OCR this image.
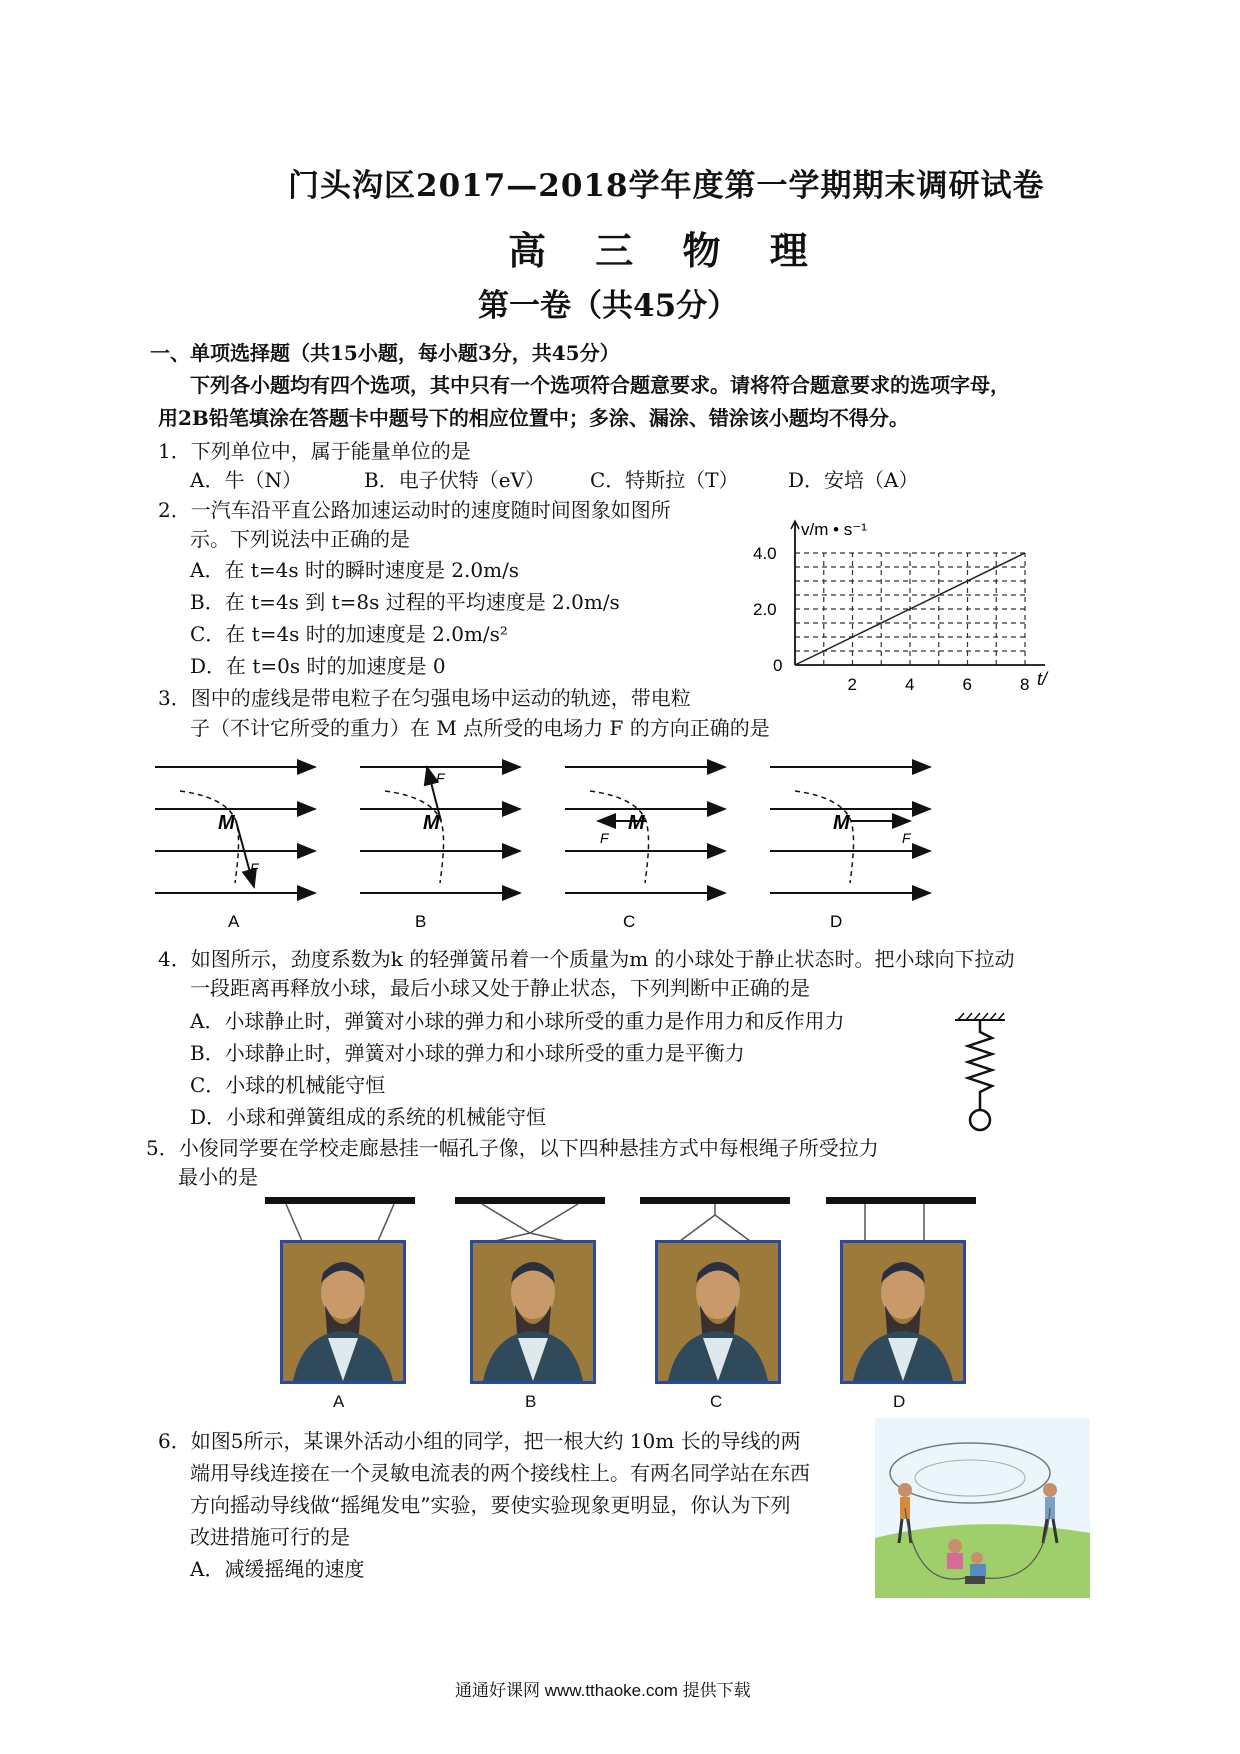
门头沟区2017—2018学年度第一学期期末调研试卷
高 三 物 理
第一卷（共45分）
一、单项选择题（共15小题，每小题3分，共45分）
下列各小题均有四个选项，其中只有一个选项符合题意要求。请将符合题意要求的选项字母，
用2B铅笔填涂在答题卡中题号下的相应位置中；多涂、漏涂、错涂该小题均不得分。
1．下列单位中，属于能量单位的是
A．牛（N）	B．电子伏特（eV） C．特斯拉（T） D．安培（A）
2．一汽车沿平直公路加速运动时的速度随时间图象如图所
示。下列说法中正确的是
A．在 t=4s 时的瞬时速度是 2.0m/s
B．在 t=4s 到 t=8s 过程的平均速度是 2.0m/s
C．在 t=4s 时的加速度是 2.0m/s²
D．在 t=0s 时的加速度是 0
2	4	6	8
0
2.0
4.0
v/m • s⁻¹
t/
3．图中的虚线是带电粒子在匀强电场中运动的轨迹，带电粒
子（不计它所受的重力）在 M 点所受的电场力 F 的方向正确的是
M
F
M
F
M
F
M
F
A	B	C	D
4．如图所示，劲度系数为k 的轻弹簧吊着一个质量为m 的小球处于静止状态时。把小球向下拉动
一段距离再释放小球，最后小球又处于静止状态，下列判断中正确的是
A．小球静止时，弹簧对小球的弹力和小球所受的重力是作用力和反作用力
B．小球静止时，弹簧对小球的弹力和小球所受的重力是平衡力
C．小球的机械能守恒
D．小球和弹簧组成的系统的机械能守恒
5．小俊同学要在学校走廊悬挂一幅孔子像，以下四种悬挂方式中每根绳子所受拉力
最小的是
A	B	C	D
6．如图5所示，某课外活动小组的同学，把一根大约 10m 长的导线的两
端用导线连接在一个灵敏电流表的两个接线柱上。有两名同学站在东西
方向摇动导线做“摇绳发电”实验，要使实验现象更明显，你认为下列
改进措施可行的是
A．减缓摇绳的速度
通通好课网 www.tthaoke.com 提供下载
